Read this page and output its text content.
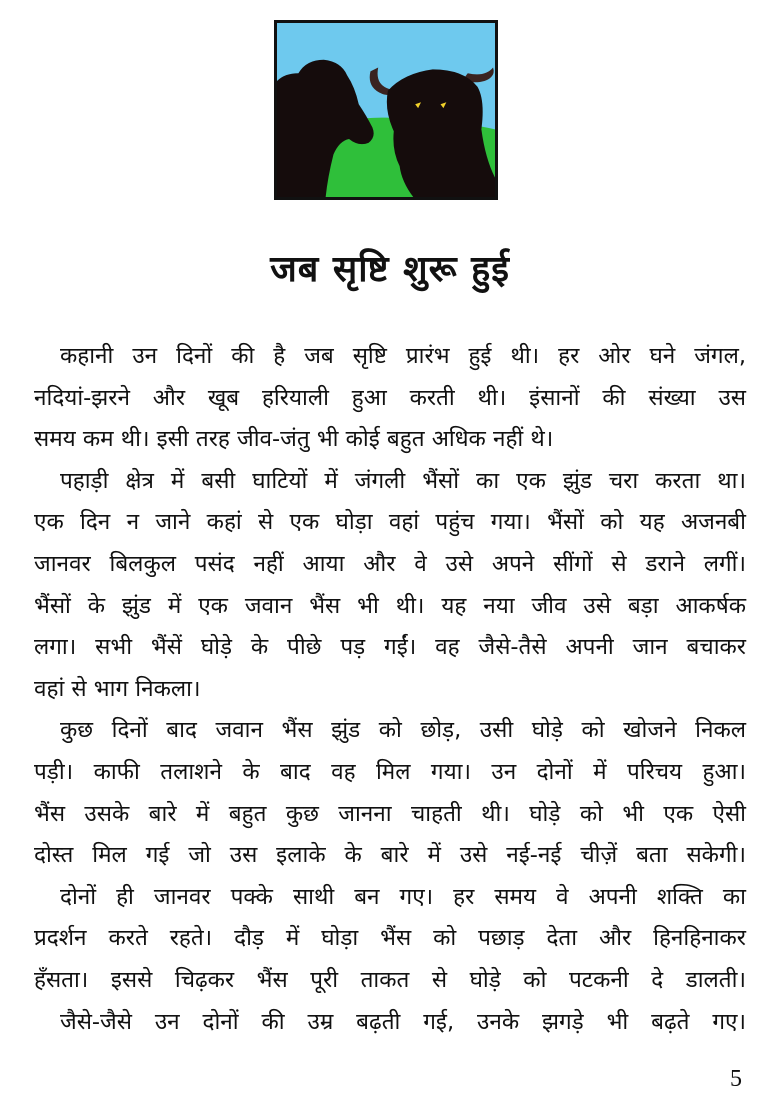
जब सृष्टि शुरू हुई
कहानी उन दिनों की है जब सृष्टि प्रारंभ हुई थी। हर ओर घने जंगल,
नदियां-झरने और खूब हरियाली हुआ करती थी। इंसानों की संख्या उस
समय कम थी। इसी तरह जीव-जंतु भी कोई बहुत अधिक नहीं थे।
पहाड़ी क्षेत्र में बसी घाटियों में जंगली भैंसों का एक झुंड चरा करता था।
एक दिन न जाने कहां से एक घोड़ा वहां पहुंच गया। भैंसों को यह अजनबी
जानवर बिलकुल पसंद नहीं आया और वे उसे अपने सींगों से डराने लगीं।
भैंसों के झुंड में एक जवान भैंस भी थी। यह नया जीव उसे बड़ा आकर्षक
लगा। सभी भैंसें घोड़े के पीछे पड़ गईं। वह जैसे-तैसे अपनी जान बचाकर
वहां से भाग निकला।
कुछ दिनों बाद जवान भैंस झुंड को छोड़, उसी घोड़े को खोजने निकल
पड़ी। काफी तलाशने के बाद वह मिल गया। उन दोनों में परिचय हुआ।
भैंस उसके बारे में बहुत कुछ जानना चाहती थी। घोड़े को भी एक ऐसी
दोस्त मिल गई जो उस इलाके के बारे में उसे नई-नई चीज़ें बता सकेगी।
दोनों ही जानवर पक्के साथी बन गए। हर समय वे अपनी शक्ति का
प्रदर्शन करते रहते। दौड़ में घोड़ा भैंस को पछाड़ देता और हिनहिनाकर
हँसता। इससे चिढ़कर भैंस पूरी ताकत से घोड़े को पटकनी दे डालती।
जैसे-जैसे उन दोनों की उम्र बढ़ती गई, उनके झगड़े भी बढ़ते गए।
5
